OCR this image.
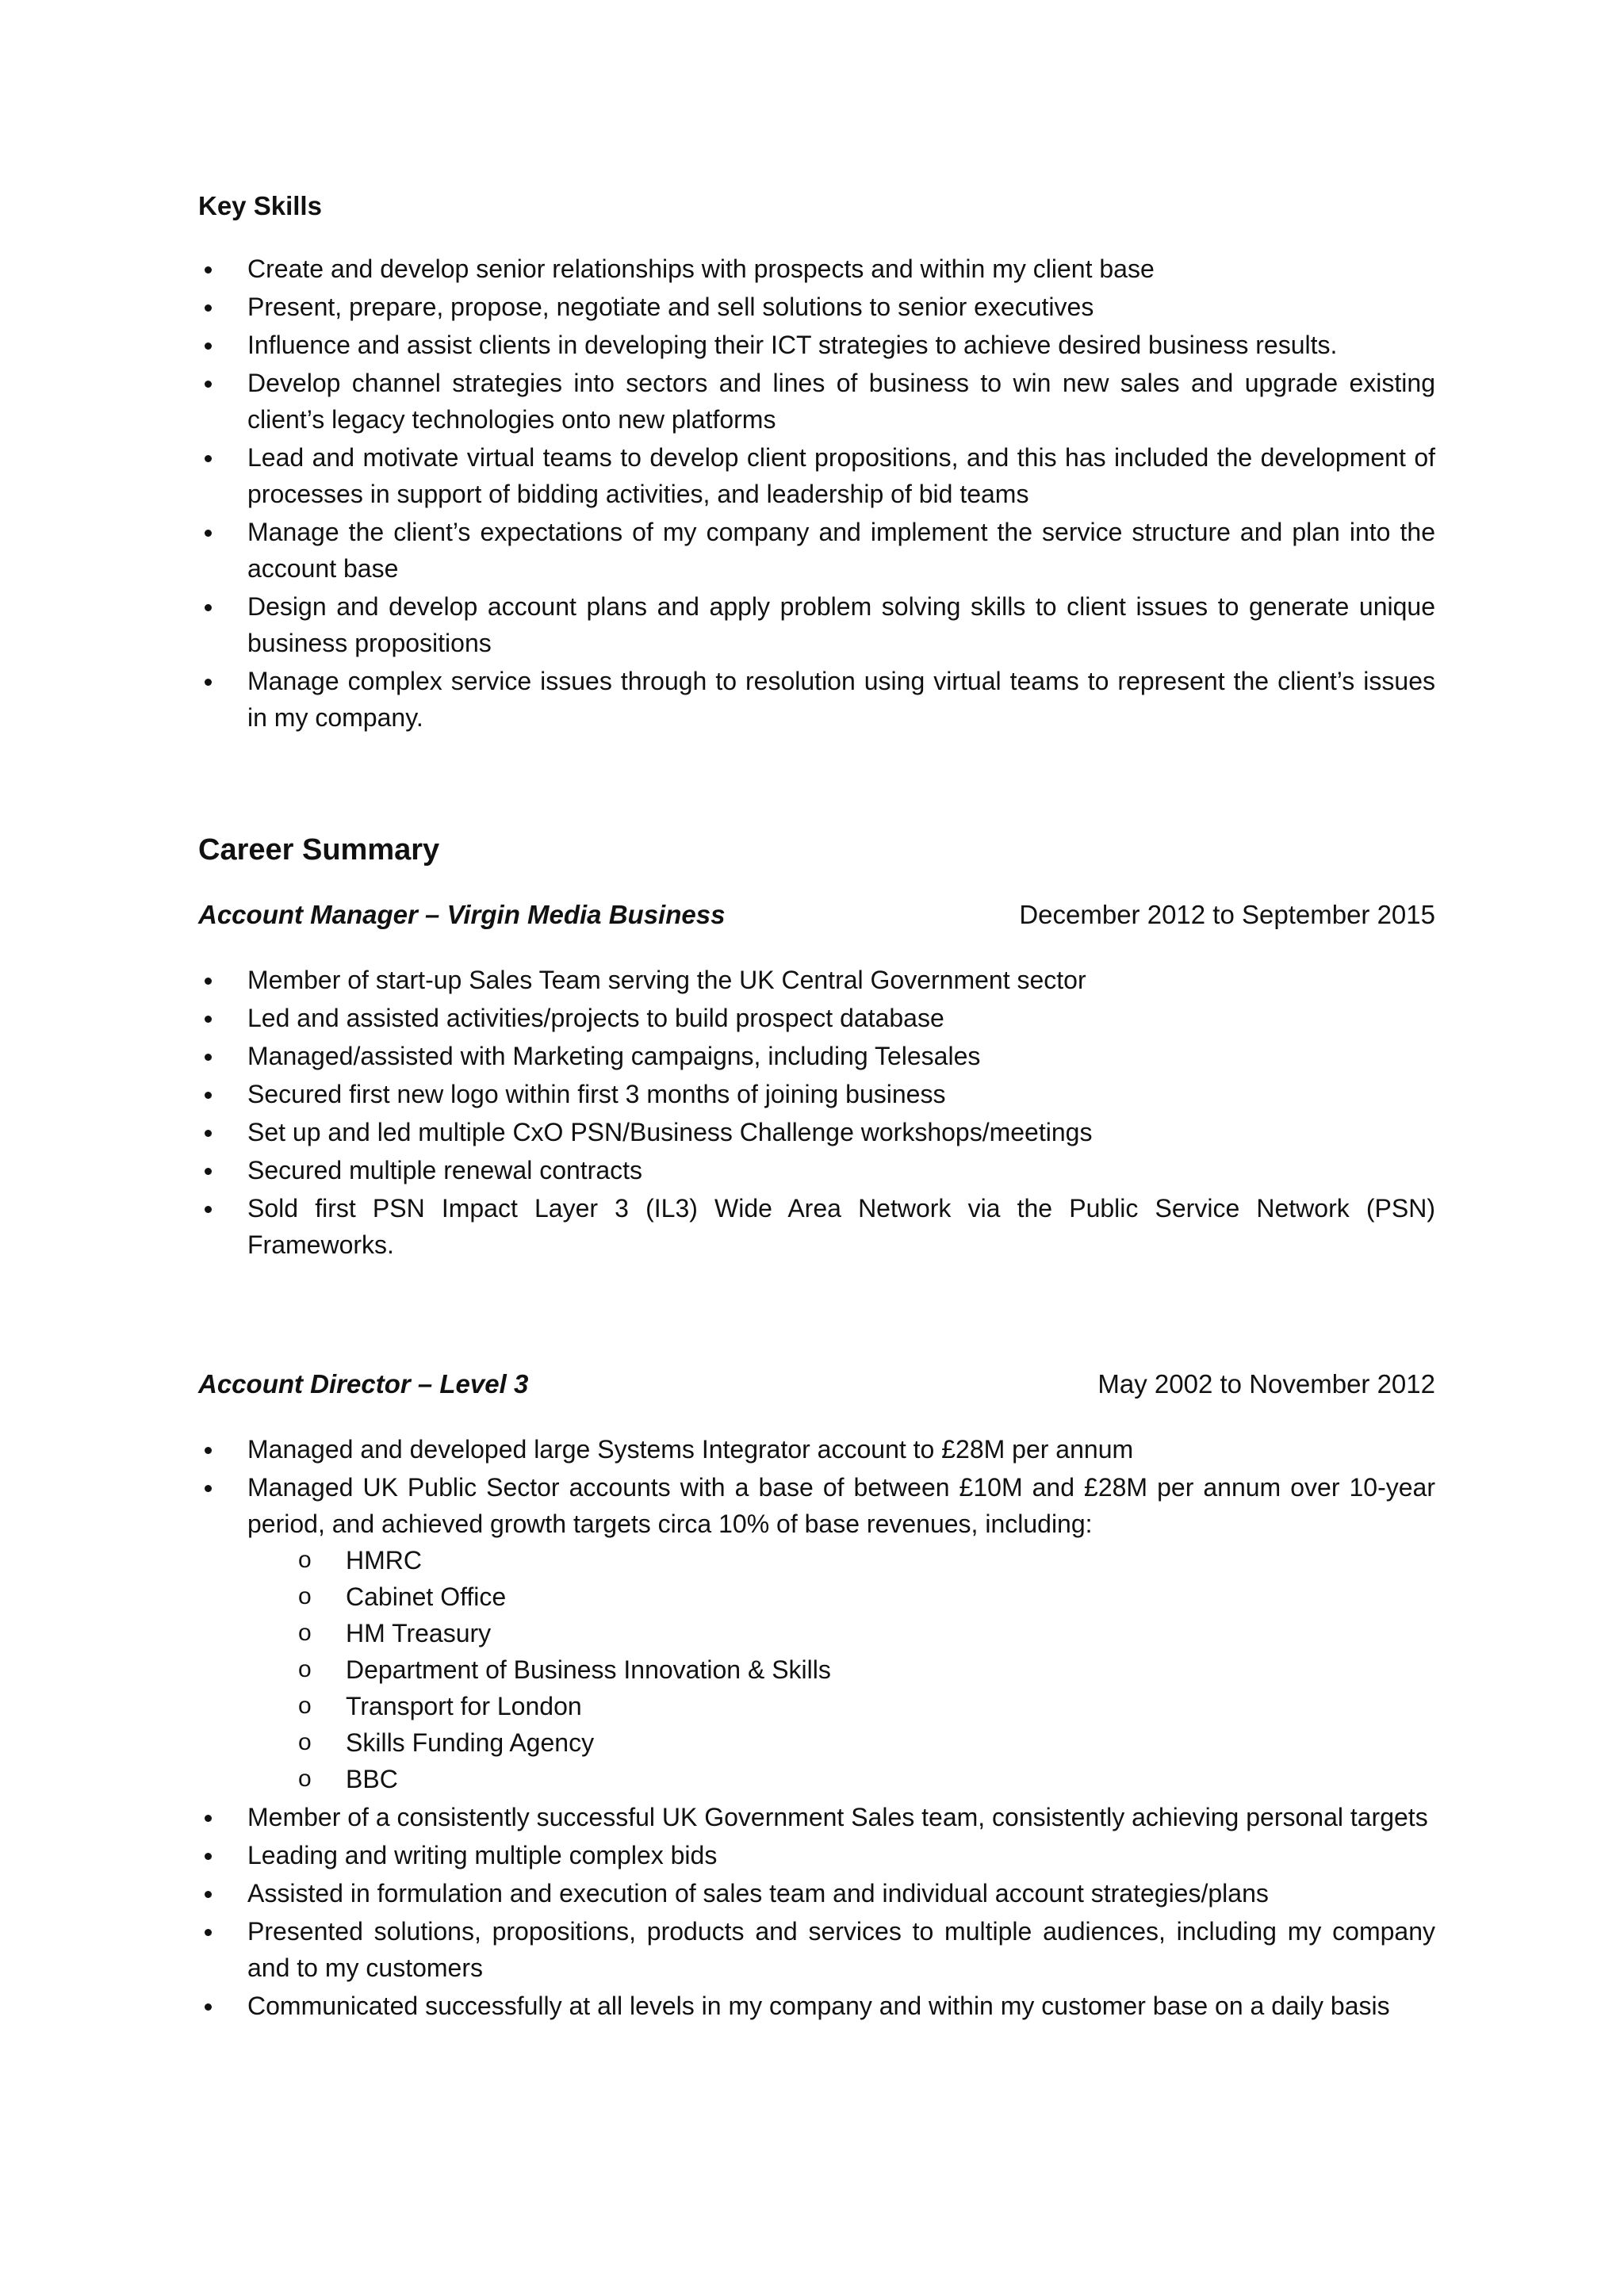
Key Skills
Create and develop senior relationships with prospects and within my client base
Present, prepare, propose, negotiate and sell solutions to senior executives
Influence and assist clients in developing their ICT strategies to achieve desired business results.
Develop channel strategies into sectors and lines of business to win new sales and upgrade existing client’s legacy technologies onto new platforms
Lead and motivate virtual teams to develop client propositions, and this has included the development of processes in support of bidding activities, and leadership of bid teams
Manage the client’s expectations of my company and implement the service structure and plan into the account base
Design and develop account plans and apply problem solving skills to client issues to generate unique business propositions
Manage complex service issues through to resolution using virtual teams to represent the client’s issues in my company.
Career Summary
Account Manager – Virgin Media Business	December 2012 to September 2015
Member of start-up Sales Team serving the UK Central Government sector
Led and assisted activities/projects to build prospect database
Managed/assisted with Marketing campaigns, including Telesales
Secured first new logo within first 3 months of joining business
Set up and led multiple CxO PSN/Business Challenge workshops/meetings
Secured multiple renewal contracts
Sold first PSN Impact Layer 3 (IL3) Wide Area Network via the Public Service Network (PSN) Frameworks.
Account Director – Level 3	May 2002 to November 2012
Managed and developed large Systems Integrator account to £28M per annum
Managed UK Public Sector accounts with a base of between £10M and £28M per annum over 10-year period, and achieved growth targets circa 10% of base revenues, including:
o HMRC
o Cabinet Office
o HM Treasury
o Department of Business Innovation & Skills
o Transport for London
o Skills Funding Agency
o BBC
Member of a consistently successful UK Government Sales team, consistently achieving personal targets
Leading and writing multiple complex bids
Assisted in formulation and execution of sales team and individual account strategies/plans
Presented solutions, propositions, products and services to multiple audiences, including my company and to my customers
Communicated successfully at all levels in my company and within my customer base on a daily basis
